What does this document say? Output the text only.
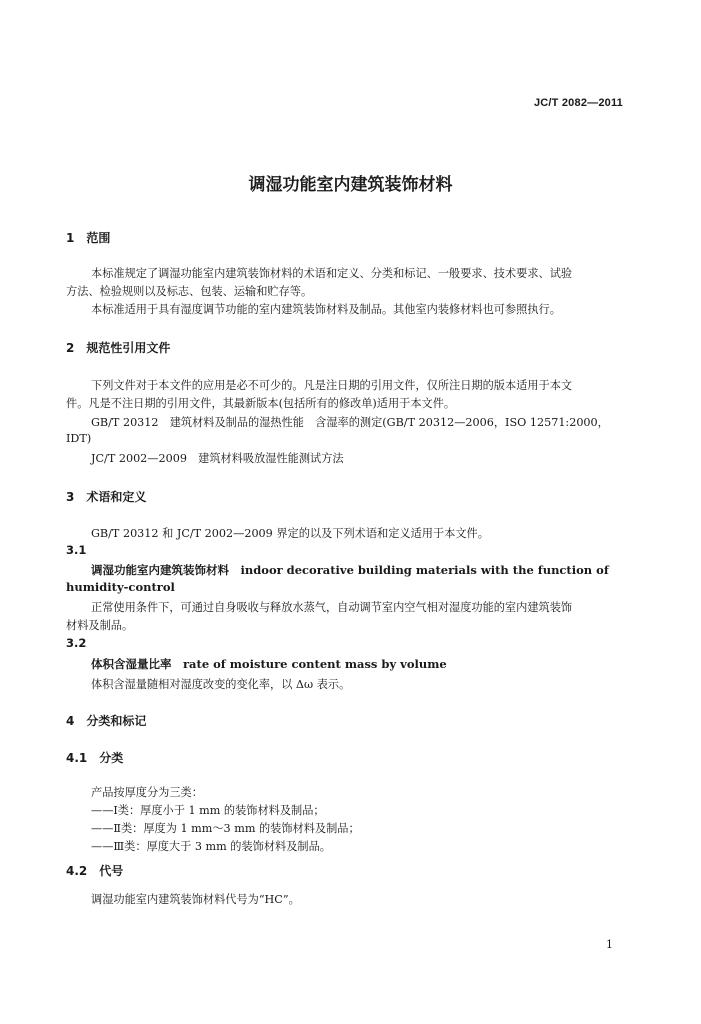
JC/T 2082—2011
调湿功能室内建筑装饰材料
1　范围
本标准规定了调湿功能室内建筑装饰材料的术语和定义、分类和标记、一般要求、技术要求、试验
方法、检验规则以及标志、包装、运输和贮存等。
本标准适用于具有湿度调节功能的室内建筑装饰材料及制品。其他室内装修材料也可参照执行。
2　规范性引用文件
下列文件对于本文件的应用是必不可少的。凡是注日期的引用文件，仅所注日期的版本适用于本文
件。凡是不注日期的引用文件，其最新版本(包括所有的修改单)适用于本文件。
GB/T 20312　建筑材料及制品的湿热性能　含湿率的测定(GB/T 20312—2006，ISO 12571:2000，
IDT)
JC/T 2002—2009　建筑材料吸放湿性能测试方法
3　术语和定义
GB/T 20312 和 JC/T 2002—2009 界定的以及下列术语和定义适用于本文件。
3.1
调湿功能室内建筑装饰材料　indoor decorative building materials with the function of
humidity-control
正常使用条件下，可通过自身吸收与释放水蒸气，自动调节室内空气相对湿度功能的室内建筑装饰
材料及制品。
3.2
体积含湿量比率　rate of moisture content mass by volume
体积含湿量随相对湿度改变的变化率，以 Δω 表示。
4　分类和标记
4.1　分类
产品按厚度分为三类：
——Ⅰ类：厚度小于 1 mm 的装饰材料及制品；
——Ⅱ类：厚度为 1 mm～3 mm 的装饰材料及制品；
——Ⅲ类：厚度大于 3 mm 的装饰材料及制品。
4.2　代号
调湿功能室内建筑装饰材料代号为“HC”。
1
